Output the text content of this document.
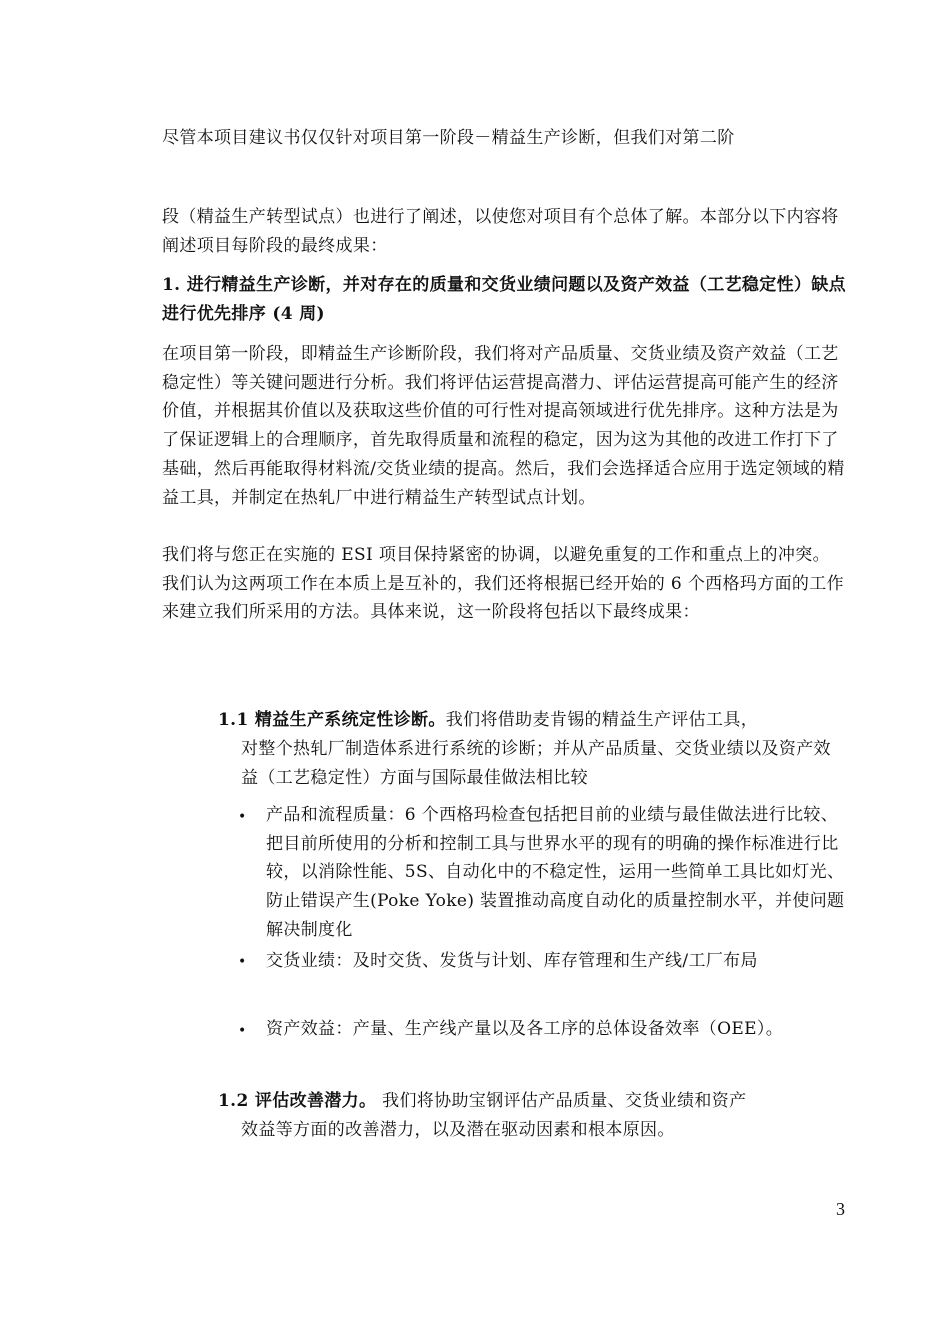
尽管本项目建议书仅仅针对项目第一阶段－精益生产诊断，但我们对第二阶

段（精益生产转型试点）也进行了阐述，以使您对项目有个总体了解。本部分以下内容将阐述项目每阶段的最终成果：

1. 进行精益生产诊断，并对存在的质量和交货业绩问题以及资产效益（工艺稳定性）缺点进行优先排序 (4 周)

在项目第一阶段，即精益生产诊断阶段，我们将对产品质量、交货业绩及资产效益（工艺稳定性）等关键问题进行分析。我们将评估运营提高潜力、评估运营提高可能产生的经济价值，并根据其价值以及获取这些价值的可行性对提高领域进行优先排序。这种方法是为了保证逻辑上的合理顺序，首先取得质量和流程的稳定，因为这为其他的改进工作打下了基础，然后再能取得材料流/交货业绩的提高。然后，我们会选择适合应用于选定领域的精益工具，并制定在热轧厂中进行精益生产转型试点计划。

我们将与您正在实施的 ESI 项目保持紧密的协调，以避免重复的工作和重点上的冲突。我们认为这两项工作在本质上是互补的，我们还将根据已经开始的 6 个西格玛方面的工作来建立我们所采用的方法。具体来说，这一阶段将包括以下最终成果：

1.1 精益生产系统定性诊断。我们将借助麦肯锡的精益生产评估工具，

对整个热轧厂制造体系进行系统的诊断；并从产品质量、交货业绩以及资产效益（工艺稳定性）方面与国际最佳做法相比较

• 产品和流程质量：6 个西格玛检查包括把目前的业绩与最佳做法进行比较、把目前所使用的分析和控制工具与世界水平的现有的明确的操作标准进行比较，以消除性能、5S、自动化中的不稳定性，运用一些简单工具比如灯光、防止错误产生(Poke Yoke) 装置推动高度自动化的质量控制水平，并使问题解决制度化

• 交货业绩：及时交货、发货与计划、库存管理和生产线/工厂布局

• 资产效益：产量、生产线产量以及各工序的总体设备效率（OEE）。

1.2 评估改善潜力。 我们将协助宝钢评估产品质量、交货业绩和资产

效益等方面的改善潜力，以及潜在驱动因素和根本原因。

3
